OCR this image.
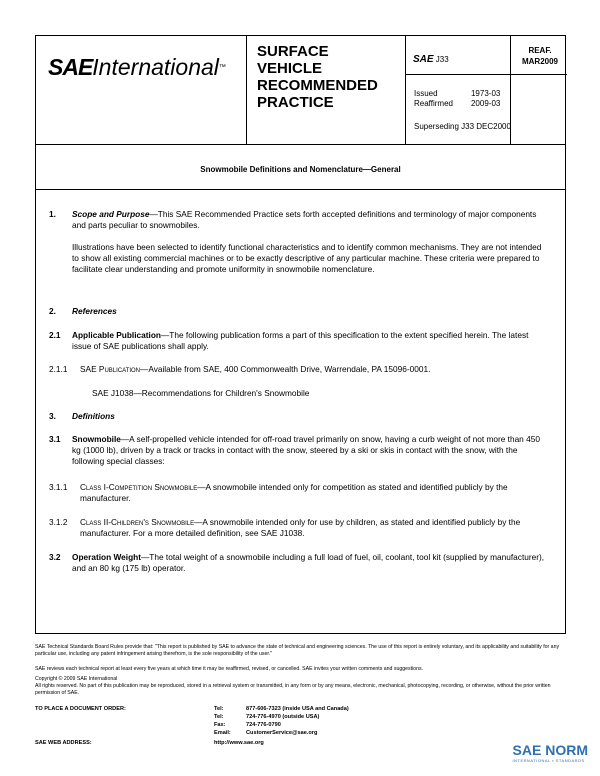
SAEInternational™
SURFACE
VEHICLE
RECOMMENDED
PRACTICE
SAE J33
REAF.
MAR2009
Issued	1973-03
Reaffirmed	2009-03
Superseding J33 DEC2000
Snowmobile Definitions and Nomenclature—General
1. Scope and Purpose—This SAE Recommended Practice sets forth accepted definitions and terminology of major components and parts peculiar to snowmobiles.
Illustrations have been selected to identify functional characteristics and to identify common mechanisms. They are not intended to show all existing commercial machines or to be exactly descriptive of any particular machine. These criteria were prepared to facilitate clear understanding and promote uniformity in snowmobile nomenclature.
2. References
2.1 Applicable Publication—The following publication forms a part of this specification to the extent specified herein. The latest issue of SAE publications shall apply.
2.1.1 SAE Publication—Available from SAE, 400 Commonwealth Drive, Warrendale, PA 15096-0001.
SAE J1038—Recommendations for Children's Snowmobile
3. Definitions
3.1 Snowmobile—A self-propelled vehicle intended for off-road travel primarily on snow, having a curb weight of not more than 450 kg (1000 lb), driven by a track or tracks in contact with the snow, steered by a ski or skis in contact with the snow, with the following special classes:
3.1.1 Class I-Competition Snowmobile—A snowmobile intended only for competition as stated and identified publicly by the manufacturer.
3.1.2 Class II-Children's Snowmobile—A snowmobile intended only for use by children, as stated and identified publicly by the manufacturer. For a more detailed definition, see SAE J1038.
3.2 Operation Weight—The total weight of a snowmobile including a full load of fuel, oil, coolant, tool kit (supplied by manufacturer), and an 80 kg (175 lb) operator.
SAE Technical Standards Board Rules provide that: "This report is published by SAE to advance the state of technical and engineering sciences. The use of this report is entirely voluntary, and its applicability and suitability for any particular use, including any patent infringement arising therefrom, is the sole responsibility of the user."
SAE reviews each technical report at least every five years at which time it may be reaffirmed, revised, or cancelled. SAE invites your written comments and suggestions.
Copyright © 2009 SAE International
All rights reserved. No part of this publication may be reproduced, stored in a retrieval system or transmitted, in any form or by any means, electronic, mechanical, photocopying, recording, or otherwise, without the prior written permission of SAE.
TO PLACE A DOCUMENT ORDER:	Tel:	877-606-7323 (inside USA and Canada)
Tel:	724-776-4970 (outside USA)
Fax:	724-776-0790
Email:	CustomerService@sae.org
SAE WEB ADDRESS:	http://www.sae.org	SAE NORM
INTERNATIONAL ▪ STANDARDS
